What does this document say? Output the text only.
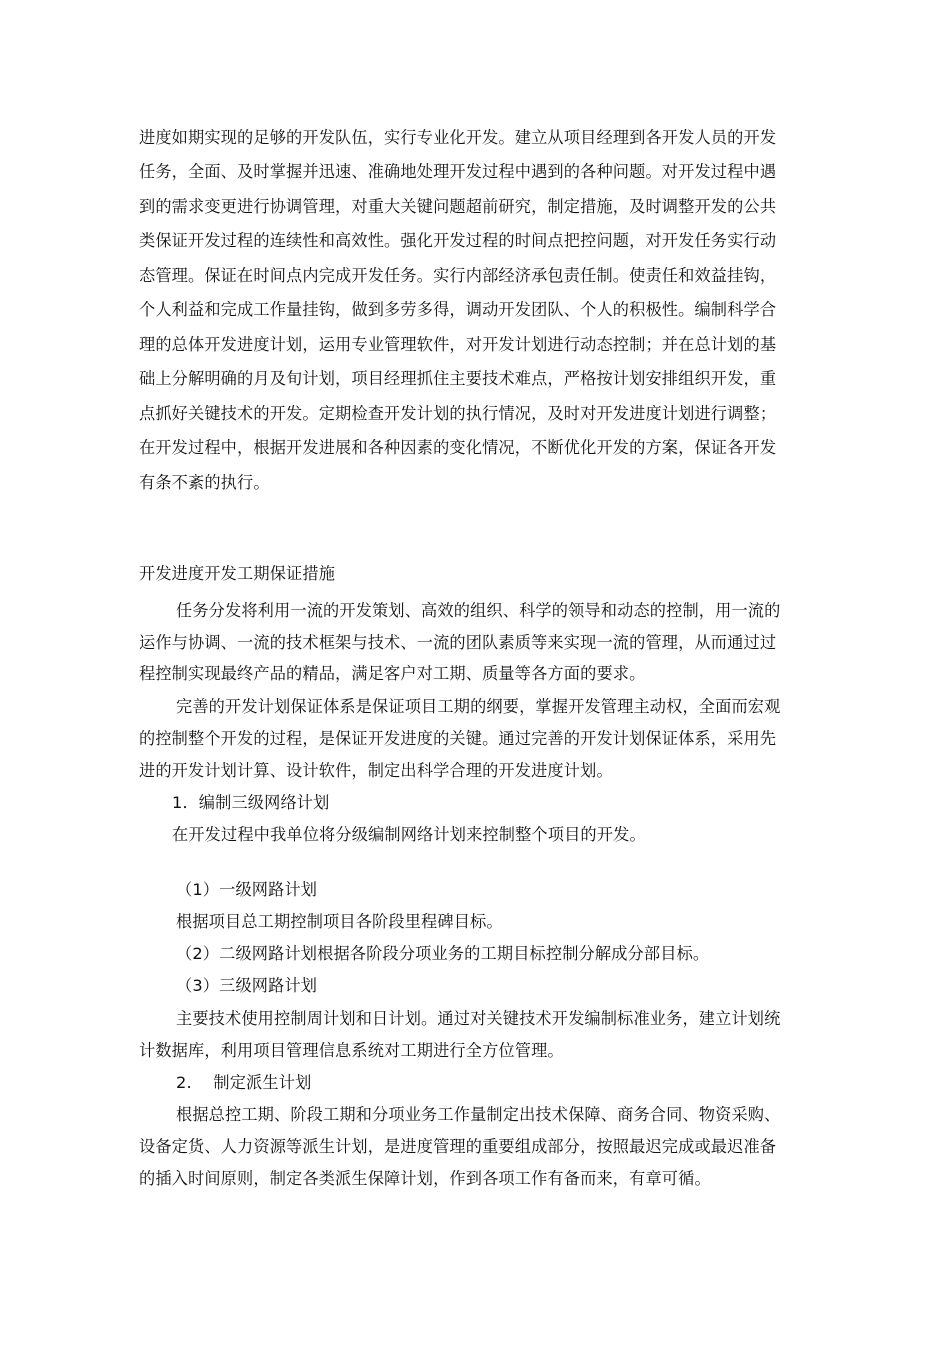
进度如期实现的足够的开发队伍，实行专业化开发。建立从项目经理到各开发人员的开发
任务，全面、及时掌握并迅速、准确地处理开发过程中遇到的各种问题。对开发过程中遇
到的需求变更进行协调管理，对重大关键问题超前研究，制定措施，及时调整开发的公共
类保证开发过程的连续性和高效性。强化开发过程的时间点把控问题，对开发任务实行动
态管理。保证在时间点内完成开发任务。实行内部经济承包责任制。使责任和效益挂钩，
个人利益和完成工作量挂钩，做到多劳多得，调动开发团队、个人的积极性。编制科学合
理的总体开发进度计划，运用专业管理软件，对开发计划进行动态控制；并在总计划的基
础上分解明确的月及旬计划，项目经理抓住主要技术难点，严格按计划安排组织开发，重
点抓好关键技术的开发。定期检查开发计划的执行情况，及时对开发进度计划进行调整；
在开发过程中，根据开发进展和各种因素的变化情况，不断优化开发的方案，保证各开发
有条不紊的执行。
开发进度开发工期保证措施
任务分发将利用一流的开发策划、高效的组织、科学的领导和动态的控制，用一流的
运作与协调、一流的技术框架与技术、一流的团队素质等来实现一流的管理，从而通过过
程控制实现最终产品的精品，满足客户对工期、质量等各方面的要求。
完善的开发计划保证体系是保证项目工期的纲要，掌握开发管理主动权，全面而宏观
的控制整个开发的过程，是保证开发进度的关键。通过完善的开发计划保证体系，采用先
进的开发计划计算、设计软件，制定出科学合理的开发进度计划。
1．编制三级网络计划
在开发过程中我单位将分级编制网络计划来控制整个项目的开发。
（1）一级网路计划
根据项目总工期控制项目各阶段里程碑目标。
（2）二级网路计划根据各阶段分项业务的工期目标控制分解成分部目标。
（3）三级网路计划
主要技术使用控制周计划和日计划。通过对关键技术开发编制标准业务，建立计划统
计数据库，利用项目管理信息系统对工期进行全方位管理。
2.　 制定派生计划
根据总控工期、阶段工期和分项业务工作量制定出技术保障、商务合同、物资采购、
设备定货、人力资源等派生计划，是进度管理的重要组成部分，按照最迟完成或最迟准备
的插入时间原则，制定各类派生保障计划，作到各项工作有备而来，有章可循。
